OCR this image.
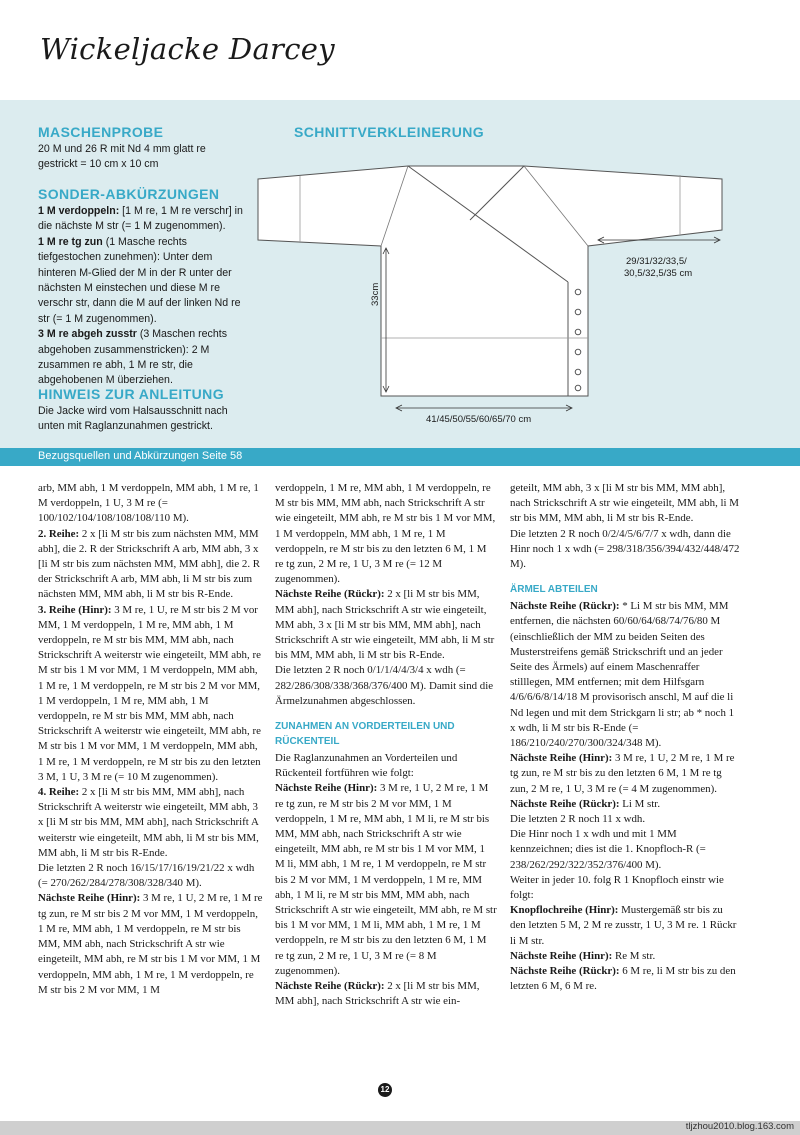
Wickeljacke Darcey
MASCHENPROBE
20 M und 26 R mit Nd 4 mm glatt re gestrickt = 10 cm x 10 cm
SONDER-ABKÜRZUNGEN

1 M verdoppeln: [1 M re, 1 M re verschr] in die nächste M str (= 1 M zugenommen).

1 M re tg zun (1 Masche rechts tiefgestochen zunehmen): Unter dem hinteren M-Glied der M in der R unter der nächsten M einstechen und diese M re verschr str, dann die M auf der linken Nd re str (= 1 M zugenommen).

3 M re abgeh zusstr (3 Maschen rechts abgehoben zusammenstricken): 2 M zusammen re abh, 1 M re str, die abgehobenen M überziehen.

HINWEIS ZUR ANLEITUNG
Die Jacke wird vom Halsausschnitt nach unten mit Raglanzunahmen gestrickt.
SCHNITTVERKLEINERUNG
33cm
41/45/50/55/60/65/70 cm
29/31/32/33,5/
30,5/32,5/35 cm
Bezugsquellen und Abkürzungen Seite 58

arb, MM abh, 1 M verdoppeln, MM abh, 1 M re, 1 M verdoppeln, 1 U, 3 M re (= 100/102/104/108/108/108/110 M).

2. Reihe: 2 x [li M str bis zum nächsten MM, MM abh], die 2. R der Strickschrift A arb, MM abh, 3 x [li M str bis zum nächsten MM, MM abh], die 2. R der Strickschrift A arb, MM abh, li M str bis zum nächsten MM, MM abh, li M str bis R-Ende.

3. Reihe (Hinr): 3 M re, 1 U, re M str bis 2 M vor MM, 1 M verdoppeln, 1 M re, MM abh, 1 M verdoppeln, re M str bis MM, MM abh, nach Strickschrift A weiterstr wie eingeteilt, MM abh, re M str bis 1 M vor MM, 1 M verdoppeln, MM abh, 1 M re, 1 M verdoppeln, re M str bis 2 M vor MM, 1 M verdoppeln, 1 M re, MM abh, 1 M verdoppeln, re M str bis MM, MM abh, nach Strickschrift A weiterstr wie eingeteilt, MM abh, re M str bis 1 M vor MM, 1 M verdoppeln, MM abh, 1 M re, 1 M verdoppeln, re M str bis zu den letzten 3 M, 1 U, 3 M re (= 10 M zugenommen).

4. Reihe: 2 x [li M str bis MM, MM abh], nach Strickschrift A weiterstr wie eingeteilt, MM abh, 3 x [li M str bis MM, MM abh], nach Strickschrift A weiterstr wie eingeteilt, MM abh, li M str bis MM, MM abh, li M str bis R-Ende.

Die letzten 2 R noch 16/15/17/16/19/21/22 x wdh (= 270/262/284/278/308/328/340 M).

Nächste Reihe (Hinr): 3 M re, 1 U, 2 M re, 1 M re tg zun, re M str bis 2 M vor MM, 1 M verdoppeln, 1 M re, MM abh, 1 M verdoppeln, re M str bis MM, MM abh, nach Strickschrift A str wie eingeteilt, MM abh, re M str bis 1 M vor MM, 1 M verdoppeln, MM abh, 1 M re, 1 M verdoppeln, re M str bis 2 M vor MM, 1 M

verdoppeln, 1 M re, MM abh, 1 M verdoppeln, re M str bis MM, MM abh, nach Strickschrift A str wie eingeteilt, MM abh, re M str bis 1 M vor MM, 1 M verdoppeln, MM abh, 1 M re, 1 M verdoppeln, re M str bis zu den letzten 6 M, 1 M re tg zun, 2 M re, 1 U, 3 M re (= 12 M zugenommen).

Nächste Reihe (Rückr): 2 x [li M str bis MM, MM abh], nach Strickschrift A str wie eingeteilt, MM abh, 3 x [li M str bis MM, MM abh], nach Strickschrift A str wie eingeteilt, MM abh, li M str bis MM, MM abh, li M str bis R-Ende.

Die letzten 2 R noch 0/1/1/4/4/3/4 x wdh (= 282/286/308/338/368/376/400 M). Damit sind die Ärmelzunahmen abgeschlossen.

ZUNAHMEN AN VORDERTEILEN UND RÜCKENTEIL

Die Raglanzunahmen an Vorderteilen und Rückenteil fortführen wie folgt:

Nächste Reihe (Hinr): 3 M re, 1 U, 2 M re, 1 M re tg zun, re M str bis 2 M vor MM, 1 M verdoppeln, 1 M re, MM abh, 1 M li, re M str bis MM, MM abh, nach Strickschrift A str wie eingeteilt, MM abh, re M str bis 1 M vor MM, 1 M li, MM abh, 1 M re, 1 M verdoppeln, re M str bis 2 M vor MM, 1 M verdoppeln, 1 M re, MM abh, 1 M li, re M str bis MM, MM abh, nach Strickschrift A str wie eingeteilt, MM abh, re M str bis 1 M vor MM, 1 M li, MM abh, 1 M re, 1 M verdoppeln, re M str bis zu den letzten 6 M, 1 M re tg zun, 2 M re, 1 U, 3 M re (= 8 M zugenommen).

Nächste Reihe (Rückr): 2 x [li M str bis MM, MM abh], nach Strickschrift A str wie ein-

geteilt, MM abh, 3 x [li M str bis MM, MM abh], nach Strickschrift A str wie eingeteilt, MM abh, li M str bis MM, MM abh, li M str bis R-Ende.

Die letzten 2 R noch 0/2/4/5/6/7/7 x wdh, dann die Hinr noch 1 x wdh (= 298/318/356/394/432/448/472 M).

ÄRMEL ABTEILEN

Nächste Reihe (Rückr): * Li M str bis MM, MM entfernen, die nächsten 60/60/64/68/74/76/80 M (einschließlich der MM zu beiden Seiten des Musterstreifens gemäß Strickschrift und an jeder Seite des Ärmels) auf einem Maschenraffer stilllegen, MM entfernen; mit dem Hilfsgarn 4/6/6/6/8/14/18 M provisorisch anschl, M auf die li Nd legen und mit dem Strickgarn li str; ab * noch 1 x wdh, li M str bis R-Ende (= 186/210/240/270/300/324/348 M).

Nächste Reihe (Hinr): 3 M re, 1 U, 2 M re, 1 M re tg zun, re M str bis zu den letzten 6 M, 1 M re tg zun, 2 M re, 1 U, 3 M re (= 4 M zugenommen).

Nächste Reihe (Rückr): Li M str.

Die letzten 2 R noch 11 x wdh.

Die Hinr noch 1 x wdh und mit 1 MM kennzeichnen; dies ist die 1. Knopfloch-R (= 238/262/292/322/352/376/400 M).

Weiter in jeder 10. folg R 1 Knopfloch einstr wie folgt:

Knopflochreihe (Hinr): Mustergemäß str bis zu den letzten 5 M, 2 M re zusstr, 1 U, 3 M re. 1 Rückr li M str.

Nächste Reihe (Hinr): Re M str.

Nächste Reihe (Rückr): 6 M re, li M str bis zu den letzten 6 M, 6 M re.

12
tljzhou2010.blog.163.com
